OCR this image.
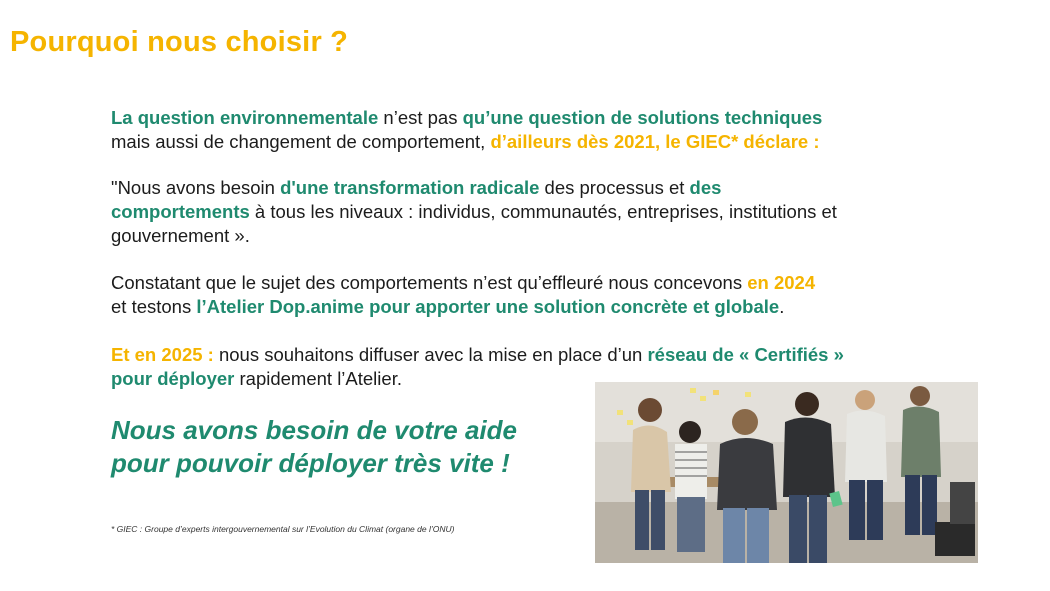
Pourquoi nous choisir ?
La question environnementale n’est pas qu’une question de solutions techniques
mais aussi de changement de comportement, d’ailleurs dès 2021, le GIEC* déclare :
"Nous avons besoin d'une transformation radicale des processus et des
comportements à tous les niveaux : individus, communautés, entreprises, institutions et
gouvernement ».
Constatant que le sujet des comportements n’est qu’effleuré nous concevons en 2024
et testons l’Atelier Dop.anime pour apporter une solution concrète et globale.
Et en 2025 : nous souhaitons diffuser avec la mise en place d’un réseau de « Certifiés »
pour déployer rapidement l’Atelier.
Nous avons besoin de votre aide
pour pouvoir déployer très vite !
* GIEC : Groupe d’experts intergouvernemental sur l’Evolution du Climat (organe de l’ONU)
